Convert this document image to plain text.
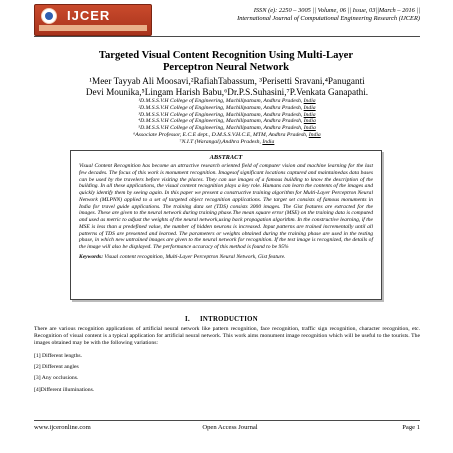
IJCER	ISSN (e): 2250 – 3005 || Volume, 06 || Issue, 03||March – 2016 ||
International Journal of Computational Engineering Research (IJCER)
Targeted Visual Content Recognition Using Multi-Layer
Perceptron Neural Network
¹Meer Tayyab Ali Moosavi,²RafiahTabassum, ³Perisetti Sravani,⁴Panuganti
Devi Mounika,⁵Lingam Harish Babu,⁶Dr.P.S.Suhasini,⁷P.Venkata Ganapathi.
¹D.M.S.S.V.H College of Engineering, Machilipatnam, Andhra Pradesh, India
²D.M.S.S.V.H College of Engineering, Machilipatnam, Andhra Pradesh, India
³D.M.S.S.V.H College of Engineering, Machilipatnam, Andhra Pradesh, India
⁴D.M.S.S.V.H College of Engineering, Machilipatnam, Andhra Pradesh, India
⁵D.M.S.S.V.H College of Engineering, Machilipatnam, Andhra Pradesh, India
⁶Associate Professor, E.C.E dept., D.M.S.S.V.H.C.E, MTM, Andhra Pradesh, India
⁷N.I.T (Warangal),Andhra Pradesh, India
ABSTRACT
Visual Content Recognition has become an attractive research oriented field of computer vision and machine learning for the last few decades. The focus of this work is monument recognition. Imagesof significant locations captured and maintainedas data bases can be used by the travelers before visiting the places. They can use images of a famous building to know the description of the building. In all these applications, the visual content recognition plays a key role. Humans can learn the contents of the images and quickly identify them by seeing again. In this paper we present a constructive training algorithm for Multi-Layer Perceptron Neural Network (MLPNN) applied to a set of targeted object recognition applications. The target set consists of famous monuments in India for travel guide applications. The training data set (TDS) consists 3000 images. The Gist features are extracted for the images. These are given to the neural network during training phase.The mean square error (MSE) on the training data is computed and used as metric to adjust the weights of the neural network,using back propagation algorithm. In the constructive learning, if the MSE is less than a predefined value, the number of hidden neurons is increased. Input patterns are trained incrementally until all patterns of TDS are presented and learned. The parameters or weights obtained during the training phase are used in the testing phase, in which new untrained images are given to the neural network for recognition. If the test image is recognized, the details of the image will also be displayed. The performance accuracy of this method is found to be 95%
Keywords: Visual content recognition, Multi-Layer Perceptron Neural Network, Gist feature.
I. INTRODUCTION
There are various recognition applications of artificial neural network like pattern recognition, face recognition, traffic sign recognition, character recognition, etc. Recognition of visual content is a typical application for artificial neural network. This work aims monument image recognition which will be useful to the tourists. The images obtained may be with the following variations:
[1] Different lengths.
[2] Different angles
[3] Any occlusions.
[4]Different illuminations.
www.ijceronline.com	Open Access Journal	Page 1
